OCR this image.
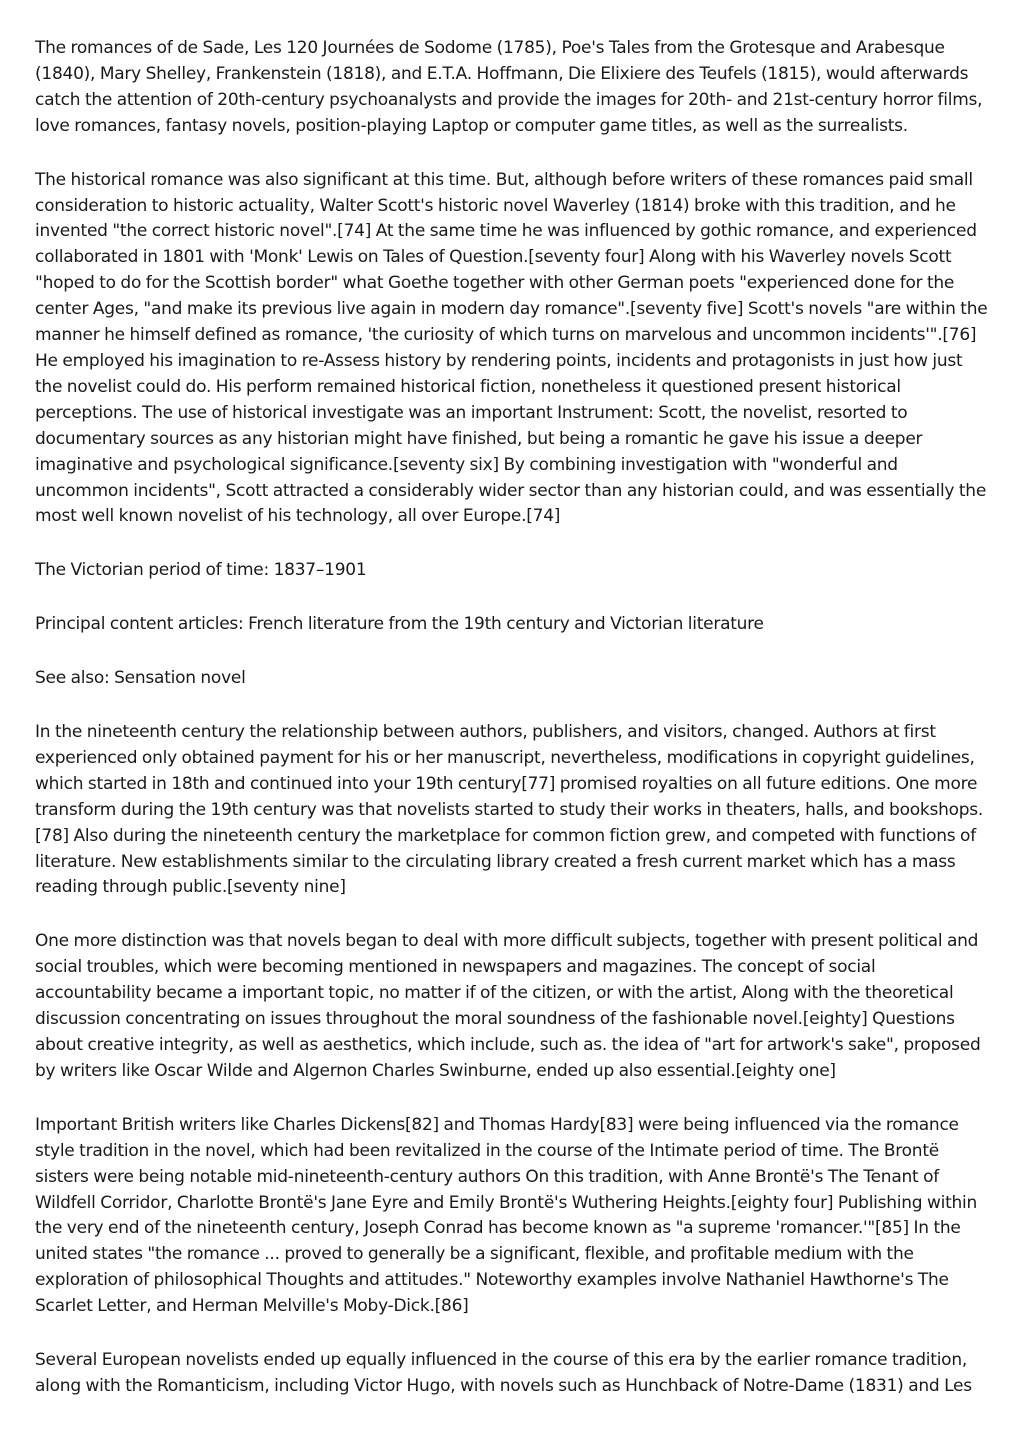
The romances of de Sade, Les 120 Journées de Sodome (1785), Poe's Tales from the Grotesque and Arabesque (1840), Mary Shelley, Frankenstein (1818), and E.T.A. Hoffmann, Die Elixiere des Teufels (1815), would afterwards catch the attention of 20th-century psychoanalysts and provide the images for 20th- and 21st-century horror films, love romances, fantasy novels, position-playing Laptop or computer game titles, as well as the surrealists.

The historical romance was also significant at this time. But, although before writers of these romances paid small consideration to historic actuality, Walter Scott's historic novel Waverley (1814) broke with this tradition, and he invented "the correct historic novel".[74] At the same time he was influenced by gothic romance, and experienced collaborated in 1801 with 'Monk' Lewis on Tales of Question.[seventy four] Along with his Waverley novels Scott "hoped to do for the Scottish border" what Goethe together with other German poets "experienced done for the center Ages, "and make its previous live again in modern day romance".[seventy five] Scott's novels "are within the manner he himself defined as romance, 'the curiosity of which turns on marvelous and uncommon incidents'".[76] He employed his imagination to re-Assess history by rendering points, incidents and protagonists in just how just the novelist could do. His perform remained historical fiction, nonetheless it questioned present historical perceptions. The use of historical investigate was an important Instrument: Scott, the novelist, resorted to documentary sources as any historian might have finished, but being a romantic he gave his issue a deeper imaginative and psychological significance.[seventy six] By combining investigation with "wonderful and uncommon incidents", Scott attracted a considerably wider sector than any historian could, and was essentially the most well known novelist of his technology, all over Europe.[74]

The Victorian period of time: 1837–1901

Principal content articles: French literature from the 19th century and Victorian literature

See also: Sensation novel

In the nineteenth century the relationship between authors, publishers, and visitors, changed. Authors at first experienced only obtained payment for his or her manuscript, nevertheless, modifications in copyright guidelines, which started in 18th and continued into your 19th century[77] promised royalties on all future editions. One more transform during the 19th century was that novelists started to study their works in theaters, halls, and bookshops.[78] Also during the nineteenth century the marketplace for common fiction grew, and competed with functions of literature. New establishments similar to the circulating library created a fresh current market which has a mass reading through public.[seventy nine]

One more distinction was that novels began to deal with more difficult subjects, together with present political and social troubles, which were becoming mentioned in newspapers and magazines. The concept of social accountability became a important topic, no matter if of the citizen, or with the artist, Along with the theoretical discussion concentrating on issues throughout the moral soundness of the fashionable novel.[eighty] Questions about creative integrity, as well as aesthetics, which include, such as. the idea of "art for artwork's sake", proposed by writers like Oscar Wilde and Algernon Charles Swinburne, ended up also essential.[eighty one]

Important British writers like Charles Dickens[82] and Thomas Hardy[83] were being influenced via the romance style tradition in the novel, which had been revitalized in the course of the Intimate period of time. The Brontë sisters were being notable mid-nineteenth-century authors On this tradition, with Anne Brontë's The Tenant of Wildfell Corridor, Charlotte Brontë's Jane Eyre and Emily Brontë's Wuthering Heights.[eighty four] Publishing within the very end of the nineteenth century, Joseph Conrad has become known as "a supreme 'romancer.'"[85] In the united states "the romance ... proved to generally be a significant, flexible, and profitable medium with the exploration of philosophical Thoughts and attitudes." Noteworthy examples involve Nathaniel Hawthorne's The Scarlet Letter, and Herman Melville's Moby-Dick.[86]

Several European novelists ended up equally influenced in the course of this era by the earlier romance tradition, along with the Romanticism, including Victor Hugo, with novels such as Hunchback of Notre-Dame (1831) and Les
